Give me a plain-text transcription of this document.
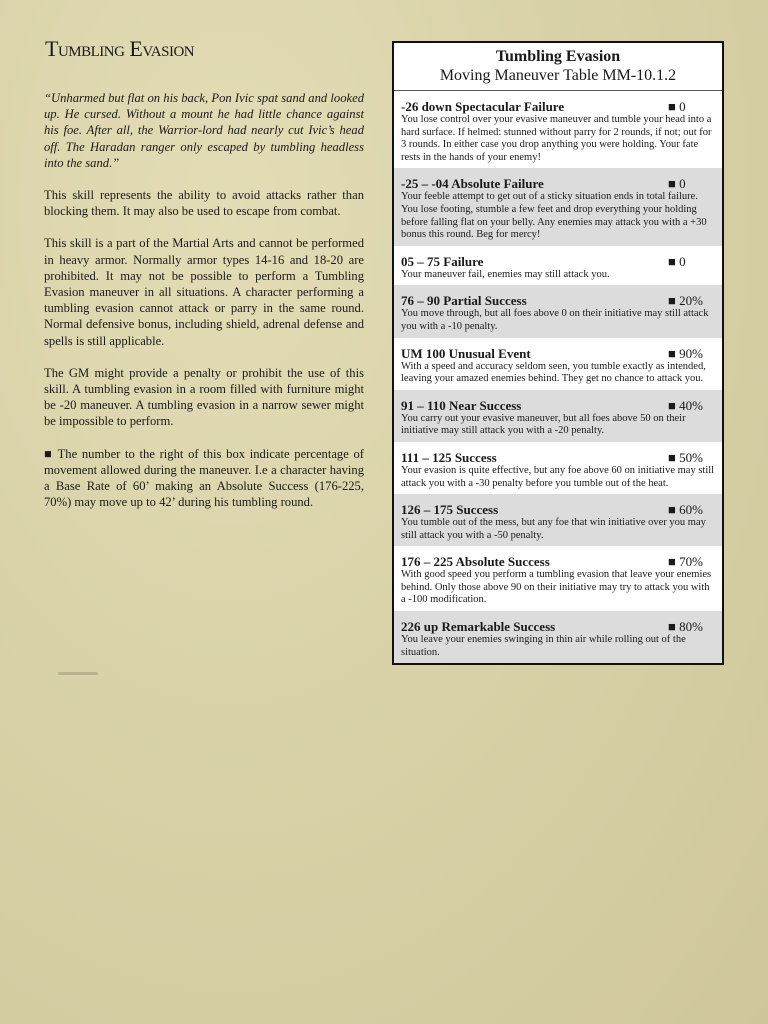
Tumbling Evasion

“Unharmed but flat on his back, Pon Ivic spat sand and looked up. He cursed. Without a mount he had little chance against his foe. After all, the Warrior-lord had nearly cut Ivic’s head off. The Haradan ranger only escaped by tumbling headless into the sand.”

This skill represents the ability to avoid attacks rather than blocking them. It may also be used to escape from combat.

This skill is a part of the Martial Arts and cannot be performed in heavy armor. Normally armor types 14-16 and 18-20 are prohibited. It may not be possible to perform a Tumbling Evasion maneuver in all situations. A character performing a tumbling evasion cannot attack or parry in the same round. Normal defensive bonus, including shield, adrenal defense and spells is still applicable.

The GM might provide a penalty or prohibit the use of this skill. A tumbling evasion in a room filled with furniture might be -20 maneuver. A tumbling evasion in a narrow sewer might be impossible to perform.

■ The number to the right of this box indicate percentage of movement allowed during the maneuver. I.e a character having a Base Rate of 60’ making an Absolute Success (176-225, 70%) may move up to 42’ during his tumbling round.

Tumbling Evasion
Moving Maneuver Table MM-10.1.2
-26 down Spectacular Failure	■ 0
You lose control over your evasive maneuver and tumble your head into a hard surface. If helmed: stunned without parry for 2 rounds, if not; out for 3 rounds. In either case you drop anything you were holding. Your fate rests in the hands of your enemy!
-25 – -04 Absolute Failure	■ 0
Your feeble attempt to get out of a sticky situation ends in total failure. You lose footing, stumble a few feet and drop everything your holding before falling flat on your belly. Any enemies may attack you with a +30 bonus this round. Beg for mercy!
05 – 75 Failure	■ 0
Your maneuver fail, enemies may still attack you.
76 – 90 Partial Success	■ 20%
You move through, but all foes above 0 on their initiative may still attack you with a -10 penalty.
UM 100 Unusual Event	■ 90%
With a speed and accuracy seldom seen, you tumble exactly as intended, leaving your amazed enemies behind. They get no chance to attack you.
91 – 110 Near Success	■ 40%
You carry out your evasive maneuver, but all foes above 50 on their initiative may still attack you with a -20 penalty.
111 – 125 Success	■ 50%
Your evasion is quite effective, but any foe above 60 on initiative may still attack you with a -30 penalty before you tumble out of the heat.
126 – 175 Success	■ 60%
You tumble out of the mess, but any foe that win initiative over you may still attack you with a -50 penalty.
176 – 225 Absolute Success	■ 70%
With good speed you perform a tumbling evasion that leave your enemies behind. Only those above 90 on their initiative may try to attack you with a -100 modification.
226 up Remarkable Success	■ 80%
You leave your enemies swinging in thin air while rolling out of the situation.
